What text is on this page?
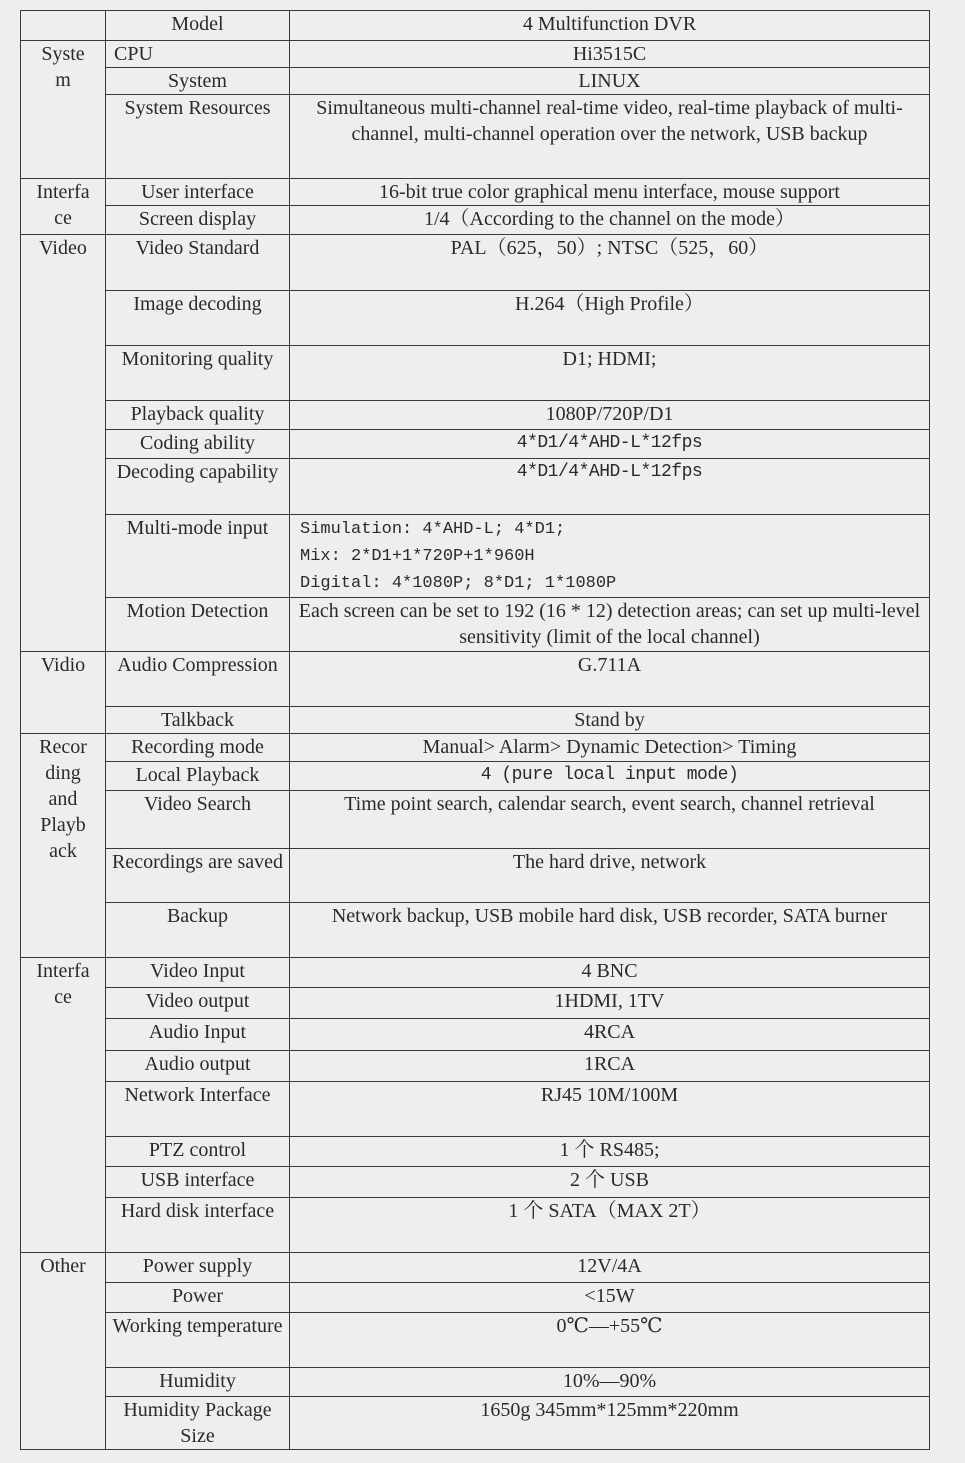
	Model	4 Multifunction DVR

Syste
m	CPU	Hi3515C
	System	LINUX
	System Resources	Simultaneous multi-channel real-time video, real-time playback of multi-channel, multi-channel operation over the network, USB backup

Interfa
ce	User interface	16-bit true color graphical menu interface, mouse support
	Screen display	1/4（According to the channel on the mode）

Video	Video Standard	PAL（625，50）; NTSC（525，60）
	Image decoding	H.264（High Profile）
	Monitoring quality	D1; HDMI;
	Playback quality	1080P/720P/D1
	Coding ability	4*D1/4*AHD-L*12fps
	Decoding capability	4*D1/4*AHD-L*12fps
	Multi-mode input	Simulation: 4*AHD-L; 4*D1;
Mix: 2*D1+1*720P+1*960H
Digital: 4*1080P; 8*D1; 1*1080P

	Motion Detection	Each screen can be set to 192 (16 * 12) detection areas; can set up multi-level sensitivity (limit of the local channel)

Vidio	Audio Compression	G.711A
	Talkback	Stand by

Recor
ding
and
Playb
ack	Recording mode	Manual> Alarm> Dynamic Detection> Timing
	Local Playback	4 (pure local input mode)
	Video Search	Time point search, calendar search, event search, channel retrieval
	Recordings are saved	The hard drive, network
	Backup	Network backup, USB mobile hard disk, USB recorder, SATA burner

Interfa
ce	Video Input	4 BNC
	Video output	1HDMI, 1TV
	Audio Input	4RCA
	Audio output	1RCA
	Network Interface	RJ45 10M/100M
	PTZ control	1 个 RS485;
	USB interface	2 个 USB
	Hard disk interface	1 个 SATA（MAX 2T）

Other	Power supply	12V/4A
	Power	<15W
	Working temperature	0℃—+55℃
	Humidity	10%—90%
	Humidity Package Size	1650g 345mm*125mm*220mm
